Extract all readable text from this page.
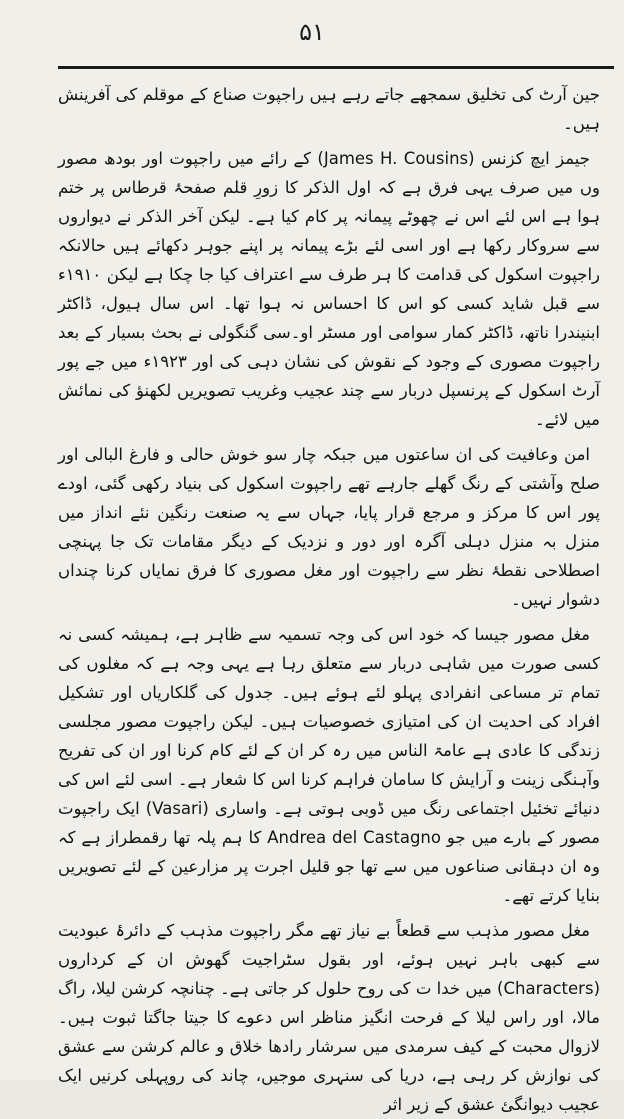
۵۱

جین آرٹ کی تخلیق سمجھے جاتے رہے ہیں راجپوت صناع کے موقلم کی آفرینش ہیں۔

جیمز ایچ کزنس (James H. Cousins) کے رائے میں راجپوت اور بودھ مصور وں میں صرف یہی فرق ہے کہ اول الذکر کا زورِ قلم صفحۂ قرطاس پر ختم ہوا ہے اس لئے اس نے چھوٹے پیمانہ پر کام کیا ہے۔ لیکن آخر الذکر نے دیواروں سے سروکار رکھا ہے اور اسی لئے بڑے پیمانہ پر اپنے جوہر دکھائے ہیں حالانکہ راجپوت اسکول کی قدامت کا ہر طرف سے اعتراف کیا جا چکا ہے لیکن ۱۹۱۰ء سے قبل شاید کسی کو اس کا احساس نہ ہوا تھا۔ اس سال ہیول، ڈاکٹر ابنیندرا ناتھ، ڈاکٹر کمار سوامی اور مسٹر او۔سی گنگولی نے بحث بسیار کے بعد راجپوت مصوری کے وجود کے نقوش کی نشان دہی کی اور ۱۹۲۳ء میں جے پور آرٹ اسکول کے پرنسپل دربار سے چند عجیب وغریب تصویریں لکھنؤ کی نمائش میں لائے۔

امن وعافیت کی ان ساعتوں میں جبکہ چار سو خوش حالی و فارغ البالی اور صلح وآشتی کے رنگ گھلے جارہے تھے راجپوت اسکول کی بنیاد رکھی گئی، اودے پور اس کا مرکز و مرجع قرار پایا، جہاں سے یہ صنعت رنگین نئے انداز میں منزل بہ منزل دہلی آگرہ اور دور و نزدیک کے دیگر مقامات تک جا پہنچی اصطلاحی نقطۂ نظر سے راجپوت اور مغل مصوری کا فرق نمایاں کرنا چنداں دشوار نہیں۔

مغل مصور جیسا کہ خود اس کی وجہ تسمیہ سے ظاہر ہے، ہمیشہ کسی نہ کسی صورت میں شاہی دربار سے متعلق رہا ہے یہی وجہ ہے کہ مغلوں کی تمام تر مساعی انفرادی پہلو لئے ہوئے ہیں۔ جدول کی گلکاریاں اور تشکیل افراد کی احدیت ان کی امتیازی خصوصیات ہیں۔ لیکن راجپوت مصور مجلسی زندگی کا عادی ہے عامۃ الناس میں رہ کر ان کے لئے کام کرنا اور ان کی تفریح وآہنگی زینت و آرایش کا سامان فراہم کرنا اس کا شعار ہے۔ اسی لئے اس کی دنیائے تخئیل اجتماعی رنگ میں ڈوبی ہوتی ہے۔ واساری (Vasari) ایک راجپوت مصور کے بارے میں جو Andrea del Castagno کا ہم پلہ تھا رقمطراز ہے کہ وہ ان دہقانی صناعوں میں سے تھا جو قلیل اجرت پر مزارعین کے لئے تصویریں بنایا کرتے تھے۔

مغل مصور مذہب سے قطعاً بے نیاز تھے مگر راجپوت مذہب کے دائرۂ عبودیت سے کبھی باہر نہیں ہوئے، اور بقول سٹراجیت گھوش ان کے کرداروں (Characters) میں خدا ت کی روح حلول کر جاتی ہے۔ چنانچہ کرشن لیلا، راگ مالا، اور راس لیلا کے فرحت انگیز مناظر اس دعوے کا جیتا جاگتا ثبوت ہیں۔ لازوال محبت کے کیف سرمدی میں سرشار رادھا خلاق و عالم کرشن سے عشق کی نوازش کر رہی ہے، دریا کی سنہری موجیں، چاند کی روپہلی کرنیں ایک عجیب دیوانگئ عشق کے زیر اثر
